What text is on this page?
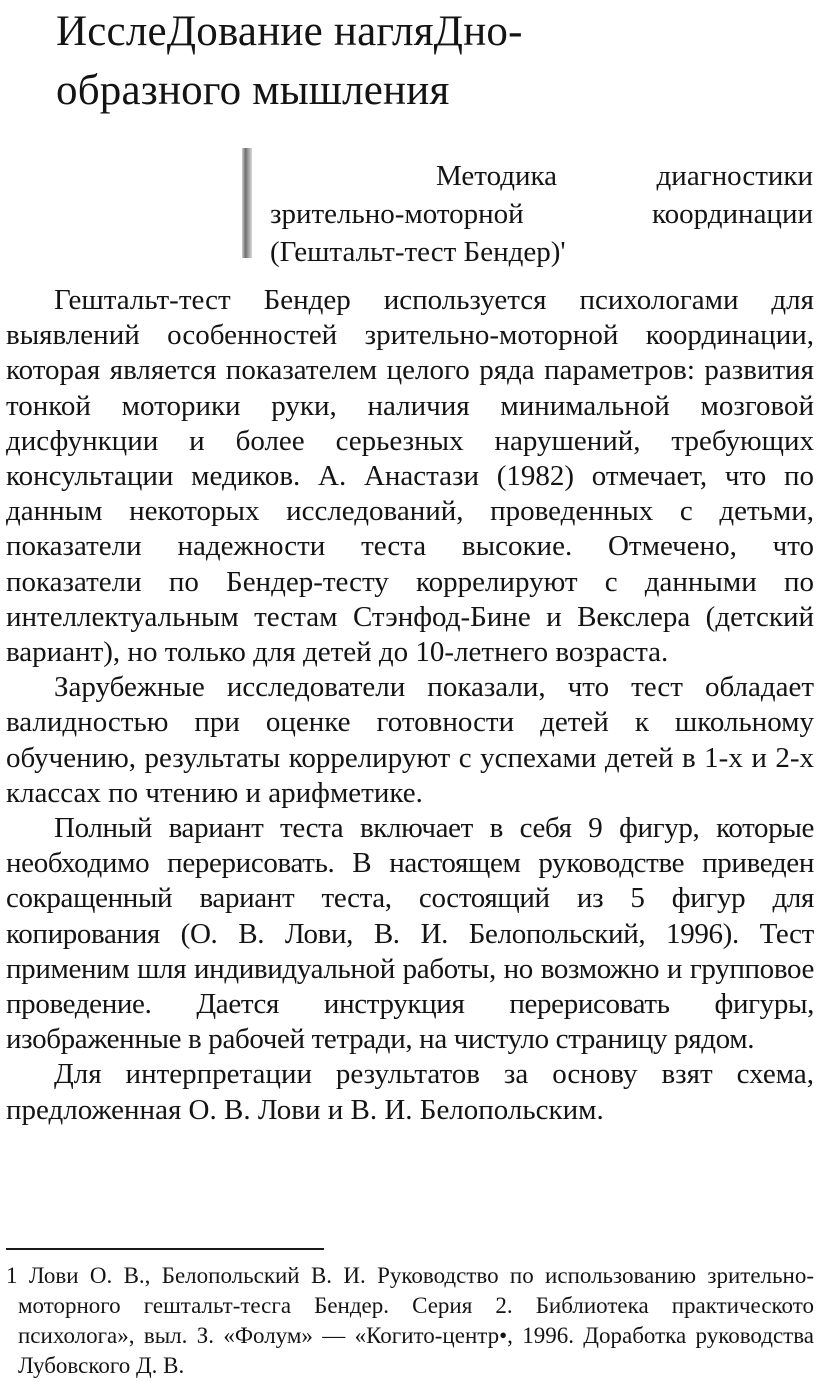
ИсслеДование нагляДно-
образного мышления
Методика диагностики
зрительно-моторной координации
(Гештальт-тест Бендер)'

Гештальт-тест Бендер используется психологами для выявлений особенностей зрительно-моторной координации, которая является показателем целого ряда параметров: развития тонкой моторики руки, наличия минимальной мозговой дисфункции и более серьезных нарушений, требующих консультации медиков. А. Анастази (1982) отмечает, что по данным некоторых исследований, проведенных с детьми, показатели надежности теста высокие. Отмечено, что показатели по Бендер-тесту коррелируют с данными по интеллектуальным тестам Стэнфод-Бине и Векслера (детский вариант), но только для детей до 10-летнего возраста.

Зарубежные исследователи показали, что тест обладает валидностью при оценке готовности детей к школьному обучению, результаты коррелируют с успехами детей в 1-х и 2-х классах по чтению и арифметике.

Полный вариант теста включает в себя 9 фигур, которые необходимо перерисовать. В настоящем руководстве приведен сокращенный вариант теста, состоящий из 5 фигур для копирования (О. В. Лови, В. И. Белопольский, 1996). Тест применим шля индивидуальной работы, но возможно и групповое проведение. Дается инструкция перерисовать фигуры, изображенные в рабочей тетради, на чистуло страницу рядом.

Для интерпретации результатов за основу взят схема, предложенная О. В. Лови и В. И. Белопольским.

1 Лови О. В., Белопольский В. И. Руководство по использованию зрительно-моторного гештальт-тесга Бендер. Серия 2. Библиотека практическото психолога», выл. З. «Фолум» — «Когито-центр•, 1996. Доработка руководства Лубовского Д. В.
